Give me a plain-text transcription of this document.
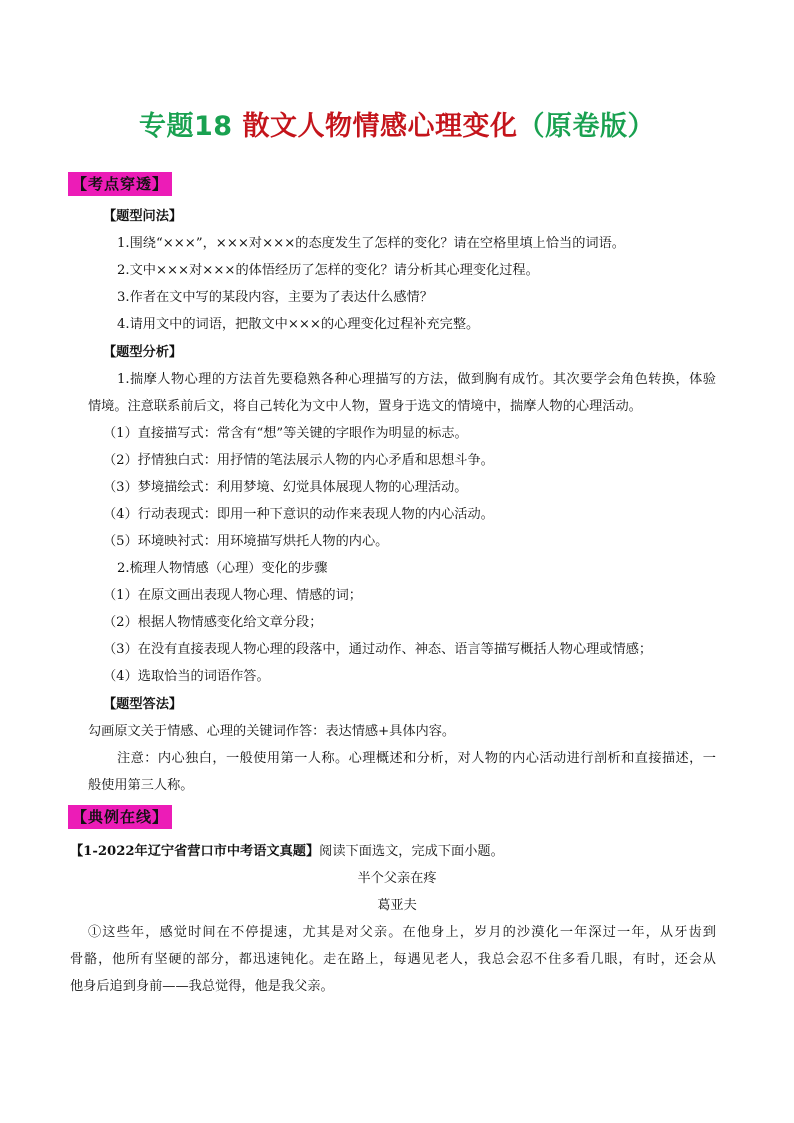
专题18 散文人物情感心理变化（原卷版）
【考点穿透】
【题型问法】
1.围绕“×××”，×××对×××的态度发生了怎样的变化？请在空格里填上恰当的词语。
2.文中×××对×××的体悟经历了怎样的变化？请分析其心理变化过程。
3.作者在文中写的某段内容，主要为了表达什么感情？
4.请用文中的词语，把散文中×××的心理变化过程补充完整。
【题型分析】
1.揣摩人物心理的方法首先要稳熟各种心理描写的方法，做到胸有成竹。其次要学会角色转换，体验
情境。注意联系前后文，将自己转化为文中人物，置身于选文的情境中，揣摩人物的心理活动。
（1）直接描写式：常含有“想”等关键的字眼作为明显的标志。
（2）抒情独白式：用抒情的笔法展示人物的内心矛盾和思想斗争。
（3）梦境描绘式：利用梦境、幻觉具体展现人物的心理活动。
（4）行动表现式：即用一种下意识的动作来表现人物的内心活动。
（5）环境映衬式：用环境描写烘托人物的内心。
2.梳理人物情感（心理）变化的步骤
（1）在原文画出表现人物心理、情感的词；
（2）根据人物情感变化给文章分段；
（3）在没有直接表现人物心理的段落中，通过动作、神态、语言等描写概括人物心理或情感；
（4）选取恰当的词语作答。
【题型答法】
勾画原文关于情感、心理的关键词作答：表达情感+具体内容。
注意：内心独白，一般使用第一人称。心理概述和分析，对人物的内心活动进行剖析和直接描述，一
般使用第三人称。
【典例在线】
【1-2022年辽宁省营口市中考语文真题】阅读下面选文，完成下面小题。
半个父亲在疼
葛亚夫
①这些年，感觉时间在不停提速，尤其是对父亲。在他身上，岁月的沙漠化一年深过一年，从牙齿到
骨骼，他所有坚硬的部分，都迅速钝化。走在路上，每遇见老人，我总会忍不住多看几眼，有时，还会从
他身后追到身前——我总觉得，他是我父亲。
